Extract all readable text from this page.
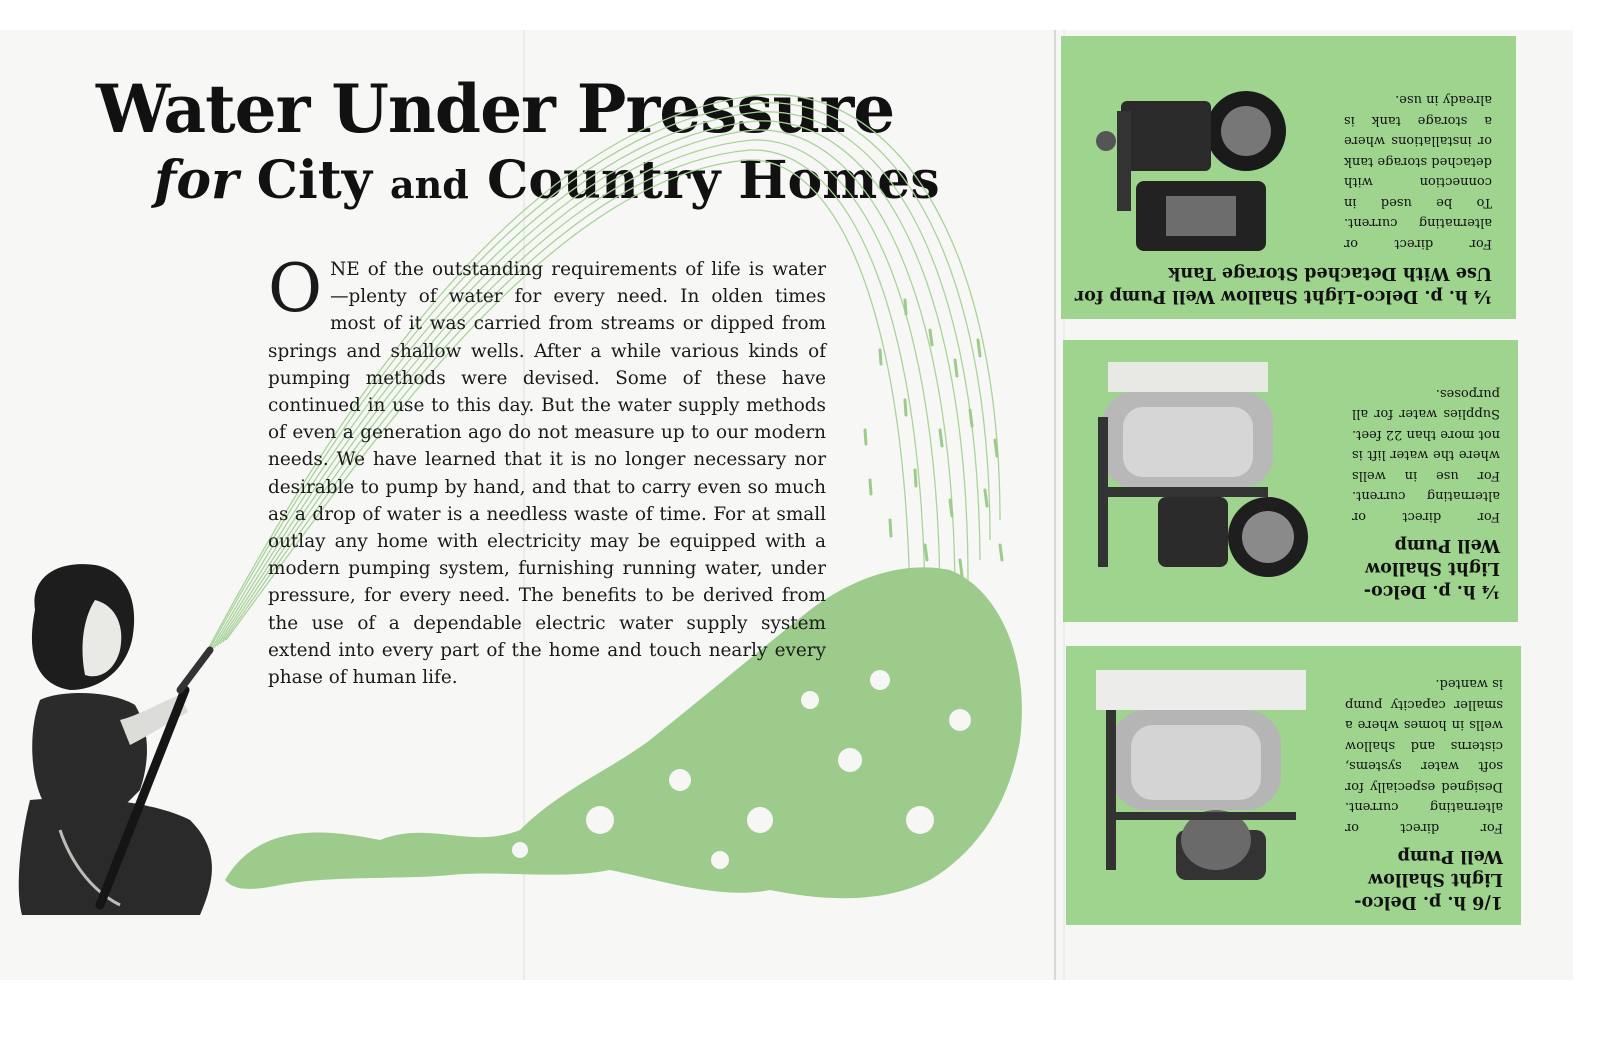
Water Under Pressure
for City and Country Homes
O NE of the outstanding requirements of life is water—plenty of water for every need. In olden times most of it was carried from streams or dipped from springs and shallow wells. After a while various kinds of pumping methods were devised. Some of these have continued in use to this day. But the water supply methods of even a generation ago do not measure up to our modern needs. We have learned that it is no longer necessary nor desirable to pump by hand, and that to carry even so much as a drop of water is a needless waste of time. For at small outlay any home with electricity may be equipped with a modern pumping system, furnishing running water, under pressure, for every need. The benefits to be derived from the use of a dependable electric water supply system extend into every part of the home and touch nearly every phase of human life.
¼ h. p. Delco-Light Shallow Well Pump for Use With Detached Storage Tank

For direct or alternating current. To be used in connection with detached storage tank or installations where a storage tank is already in use.

¼ h. p. Delco-Light Shallow Well Pump

For direct or alternating current. For use in wells where the water lift is not more than 22 feet. Supplies water for all purposes.

1/6 h. p. Delco-Light Shallow Well Pump

For direct or alternating current. Designed especially for soft water systems, cisterns and shallow wells in homes where a smaller capacity pump is wanted.
